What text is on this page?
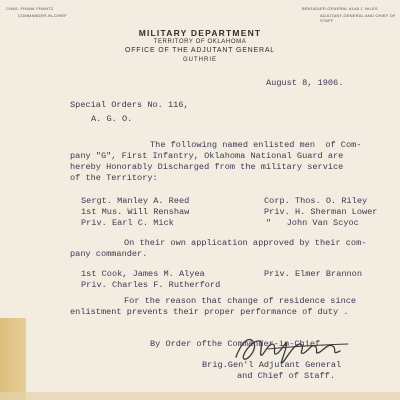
CHAS. FRANK FRANTZ
COMMANDER-IN-CHIEF
BRIGADIER-GENERAL ALVA J. NILES
ADJUTANT-GENERAL AND CHIEF OF STAFF
MILITARY DEPARTMENT
TERRITORY OF OKLAHOMA
OFFICE OF THE ADJUTANT GENERAL
GUTHRIE
August 8, 1906.
Special Orders No. 116,
A. G. O.
The following named enlisted men  of Com-
pany "G", First Infantry, Oklahoma National Guard are
hereby Honorably Discharged from the military service
of the Territory:
Sergt. Manley A. Reed
1st Mus. Will Renshaw
Priv. Earl C. Mick
Corp. Thos. O. Riley
Priv. H. Sherman Lower
"   John Van Scyoc
On their own application approved by their com-
pany commander.
1st Cook, James M. Alyea
Priv. Charles F. Rutherford
Priv. Elmer Brannon
For the reason that change of residence since
enlistment prevents their proper performance of duty .
By Order ofthe Commander-in-Chief.
Brig.Gen'l Adjutant General
and Chief of Staff.
